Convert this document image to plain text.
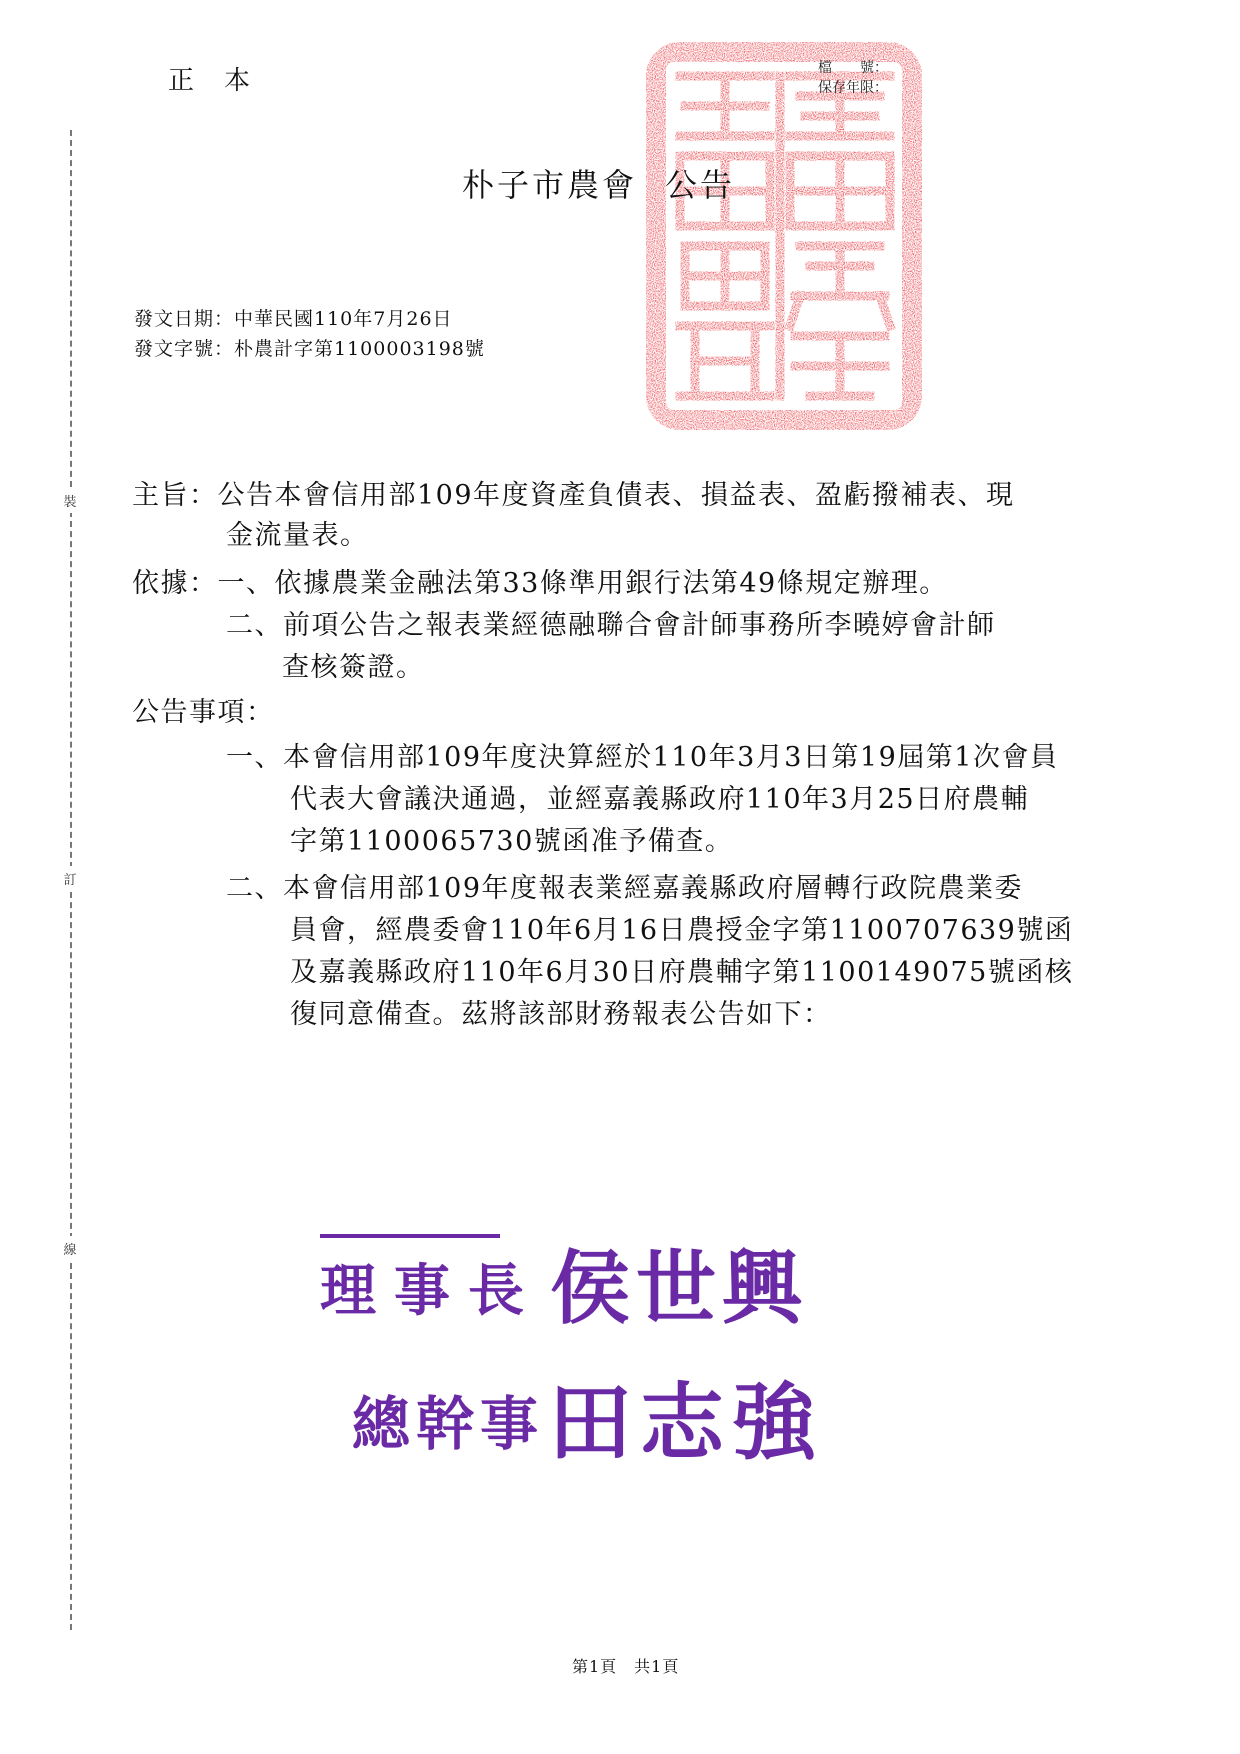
正本
裝
訂
線
檔　　號：
保存年限：
朴子市農會 公告
發文日期：中華民國110年7月26日
發文字號：朴農計字第1100003198號
主旨：公告本會信用部109年度資產負債表、損益表、盈虧撥補表、現
金流量表。
依據：一、依據農業金融法第33條準用銀行法第49條規定辦理。
二、前項公告之報表業經德融聯合會計師事務所李曉婷會計師
查核簽證。
公告事項：
一、本會信用部109年度決算經於110年3月3日第19屆第1次會員
代表大會議決通過，並經嘉義縣政府110年3月25日府農輔
字第1100065730號函准予備查。
二、本會信用部109年度報表業經嘉義縣政府層轉行政院農業委
員會，經農委會110年6月16日農授金字第1100707639號函
及嘉義縣政府110年6月30日府農輔字第1100149075號函核
復同意備查。茲將該部財務報表公告如下：
理事長 侯世興
總幹事 田志強
第1頁　共1頁
